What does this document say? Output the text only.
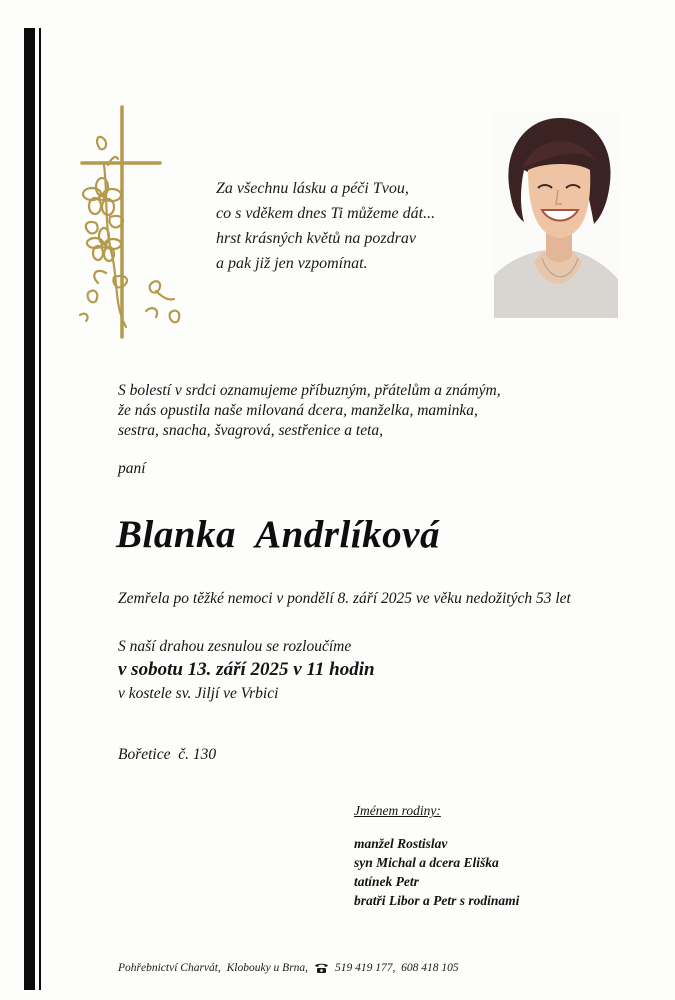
Za všechnu lásku a péči Tvou,
co s vděkem dnes Ti můžeme dát...
hrst krásných květů na pozdrav
a pak již jen vzpomínat.
S bolestí v srdci oznamujeme příbuzným, přátelům a známým,
že nás opustila naše milovaná dcera, manželka, maminka,
sestra, snacha, švagrová, sestřenice a teta,
paní
Blanka  Andrlíková
Zemřela po těžké nemoci v pondělí 8. září 2025 ve věku nedožitých 53 let
S naší drahou zesnulou se rozloučíme
v sobotu 13. září 2025 v 11 hodin
v kostele sv. Jiljí ve Vrbici
Bořetice  č. 130
Jménem rodiny:
manžel Rostislav
syn Michal a dcera Eliška
tatínek Petr
bratři Libor a Petr s rodinami
Pohřebnictví Charvát,  Klobouky u Brna, 519 419 177,  608 418 105
